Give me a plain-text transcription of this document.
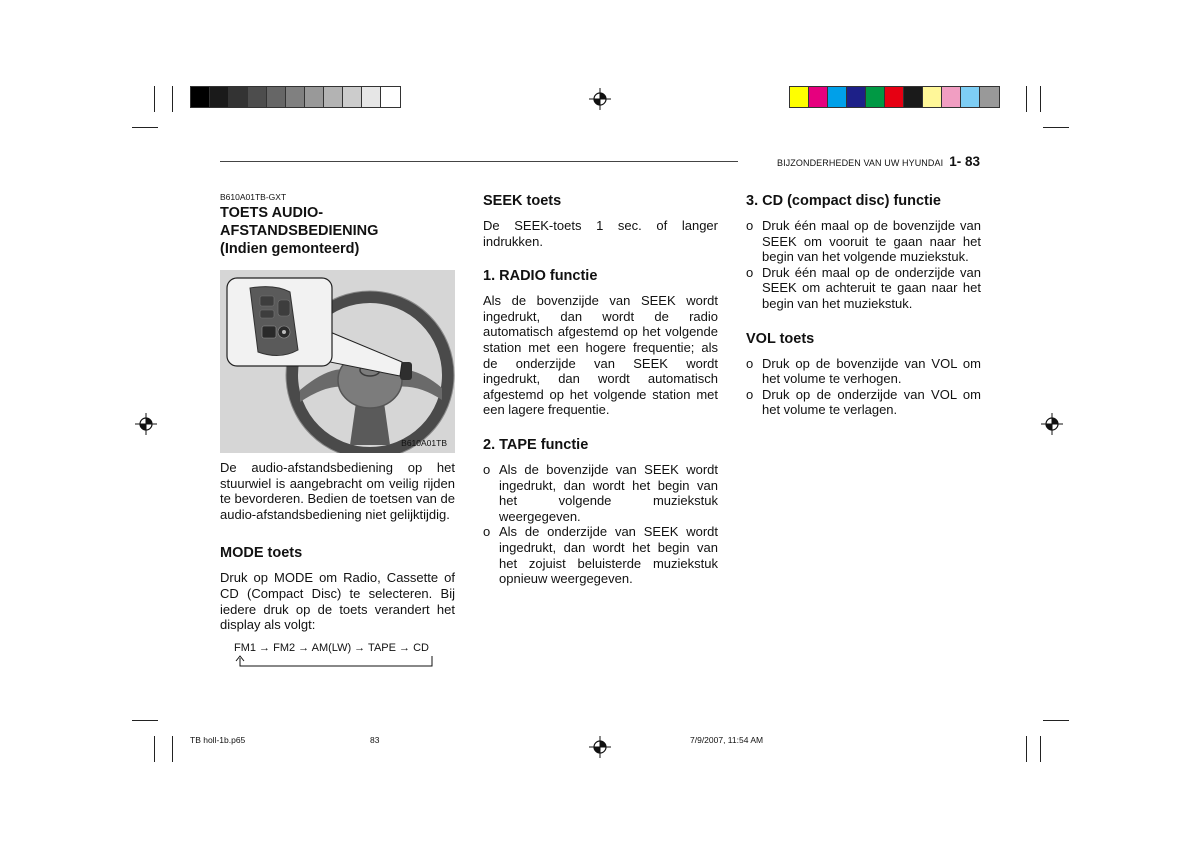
BIJZONDERHEDEN VAN UW HYUNDAI 1- 83
B610A01TB-GXT
TOETS AUDIO-
AFSTANDSBEDIENING
(Indien gemonteerd)
B610A01TB

De audio-afstandsbediening op het stuurwiel is aangebracht om veilig rijden te bevorderen. Bedien de toetsen van de audio-afstandsbediening niet gelijktijdig.

MODE toets

Druk op MODE om Radio, Cassette of CD (Compact Disc) te selecteren. Bij iedere druk op de toets verandert het display als volgt:

FM1 → FM2 → AM(LW) → TAPE → CD
SEEK toets

De SEEK-toets 1 sec. of langer indrukken.

1. RADIO functie

Als de bovenzijde van SEEK wordt ingedrukt, dan wordt de radio automatisch afgestemd op het volgende station met een hogere frequentie; als de onderzijde van SEEK wordt ingedrukt, dan wordt automatisch afgestemd op het volgende station met een lagere frequentie.

2. TAPE functie
o Als de bovenzijde van SEEK wordt ingedrukt, dan wordt het begin van het volgende muziekstuk weergegeven.
o Als de onderzijde van SEEK wordt ingedrukt, dan wordt het begin van het zojuist beluisterde muziekstuk opnieuw weergegeven.
3. CD (compact disc) functie
o Druk één maal op de bovenzijde van SEEK om vooruit te gaan naar het begin van het volgende muziekstuk.
o Druk één maal op de onderzijde van SEEK om achteruit te gaan naar het begin van het muziekstuk.
VOL toets
o Druk op de bovenzijde van VOL om het volume te verhogen.
o Druk op de onderzijde van VOL om het volume te verlagen.
TB holl-1b.p65	83	7/9/2007, 11:54 AM
